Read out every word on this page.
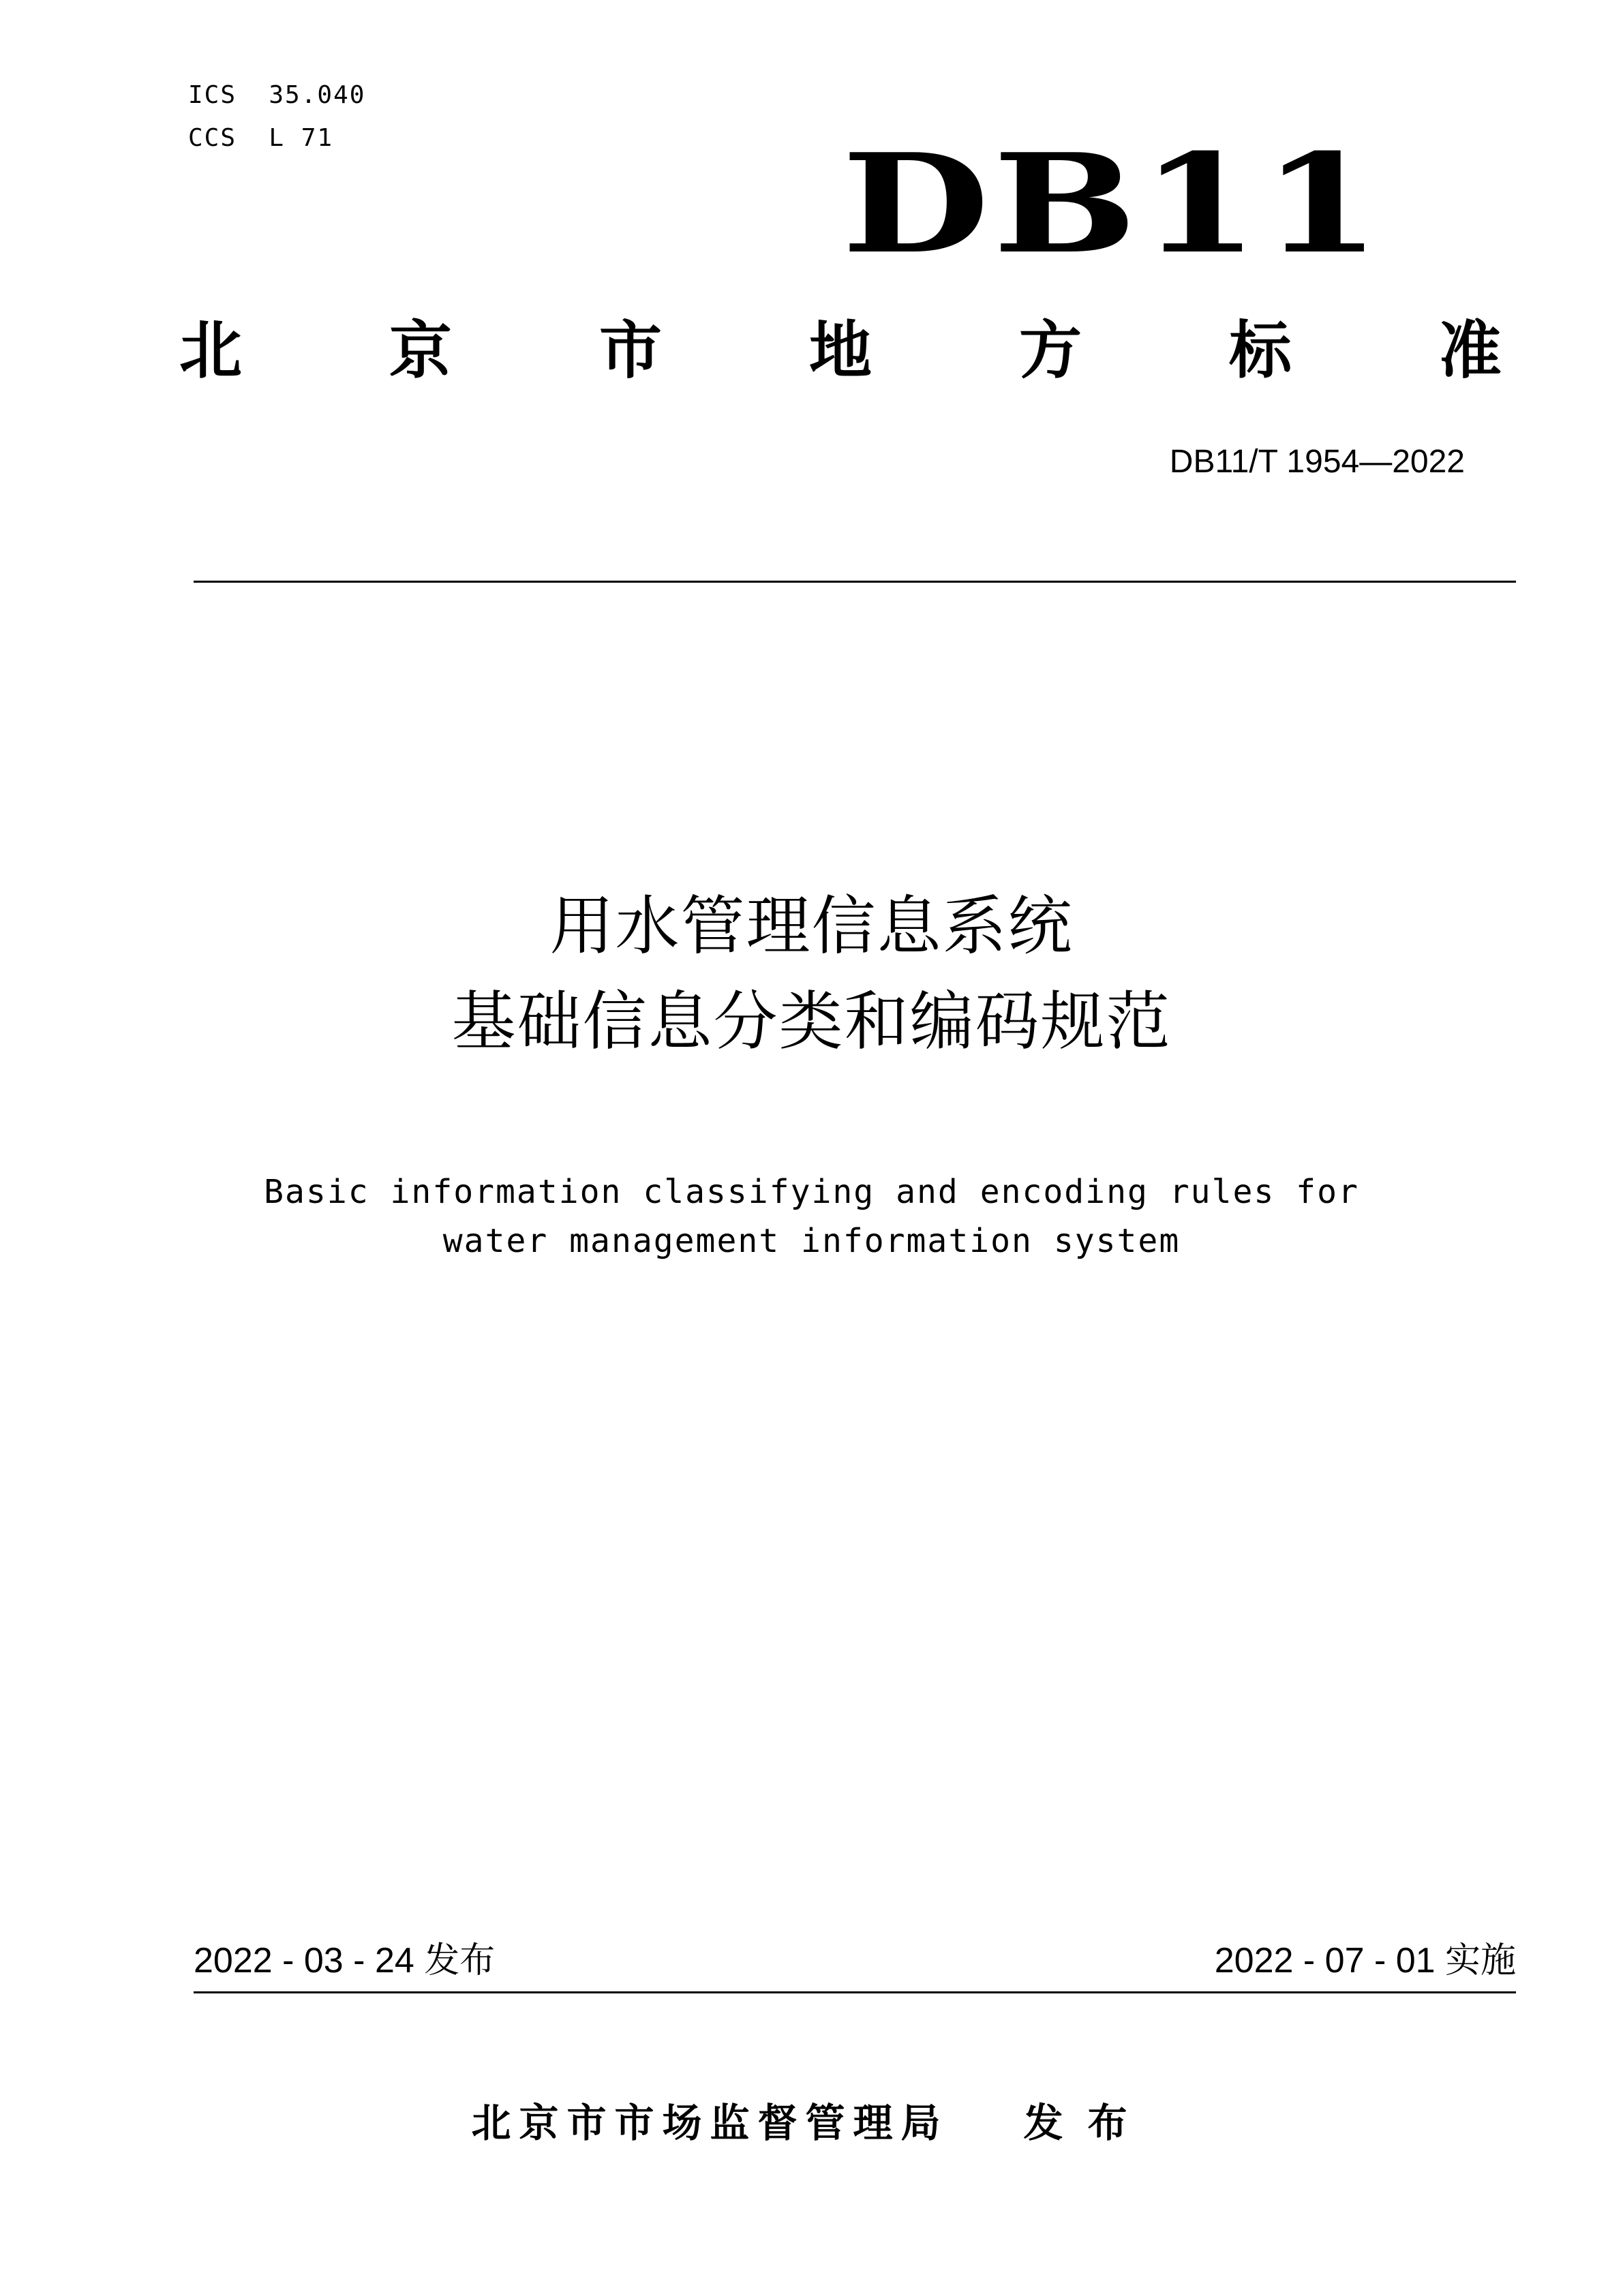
ICS  35.040
CCS  L 71	DB11
北 京 市 地 方 标 准
DB11/T 1954—2022
用水管理信息系统
基础信息分类和编码规范
Basic information classifying and encoding rules for
water management information system
2022 - 03 - 24 发布	2022 - 07 - 01 实施
北京市市场监督管理局 发布
